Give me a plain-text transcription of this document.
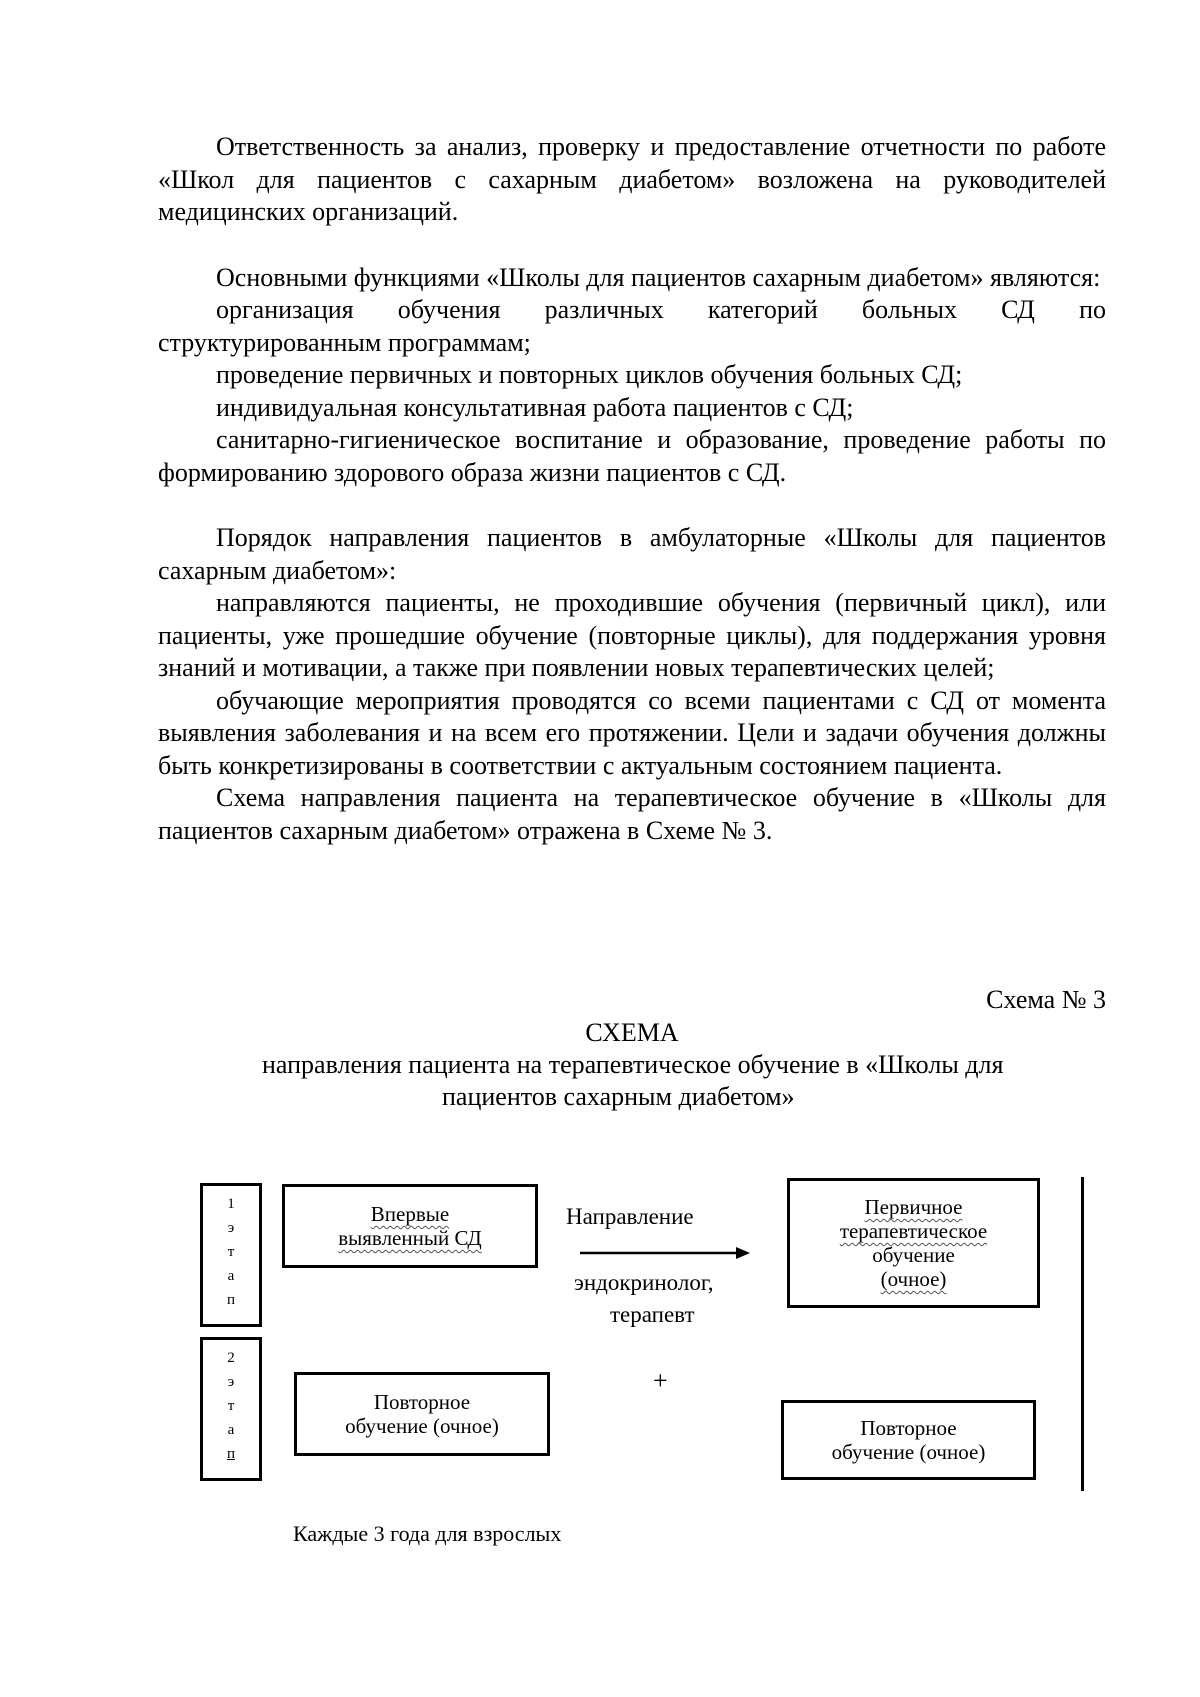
Ответственность за анализ, проверку и предоставление отчетности по работе «Школ для пациентов с сахарным диабетом» возложена на руководителей медицинских организаций.

Основными функциями «Школы для пациентов сахарным диабетом» являются:

организация обучения различных категорий больных СД по структурированным программам;

проведение первичных и повторных циклов обучения больных СД;

индивидуальная консультативная работа пациентов с СД;

санитарно-гигиеническое воспитание и образование, проведение работы по формированию здорового образа жизни пациентов с СД.

Порядок направления пациентов в амбулаторные «Школы для пациентов сахарным диабетом»:

направляются пациенты, не проходившие обучения (первичный цикл), или пациенты, уже прошедшие обучение (повторные циклы), для поддержания уровня знаний и мотивации, а также при появлении новых терапевтических целей;

обучающие мероприятия проводятся со всеми пациентами с СД от момента выявления заболевания и на всем его протяжении. Цели и задачи обучения должны быть конкретизированы в соответствии с актуальным состоянием пациента.

Схема направления пациента на терапевтическое обучение в «Школы для пациентов сахарным диабетом» отражена в Схеме № 3.

Схема № 3
СХЕМА
направления пациента на терапевтическое обучение в «Школы для
пациентов сахарным диабетом»
1
э
т
а
п
2
э
т
а
п
Впервые
выявленный СД
Направление
эндокринолог,
терапевт
Первичное
терапевтическое
обучение
(очное)
Повторное
обучение (очное)
+
Повторное
обучение (очное)
Каждые 3 года для взрослых
